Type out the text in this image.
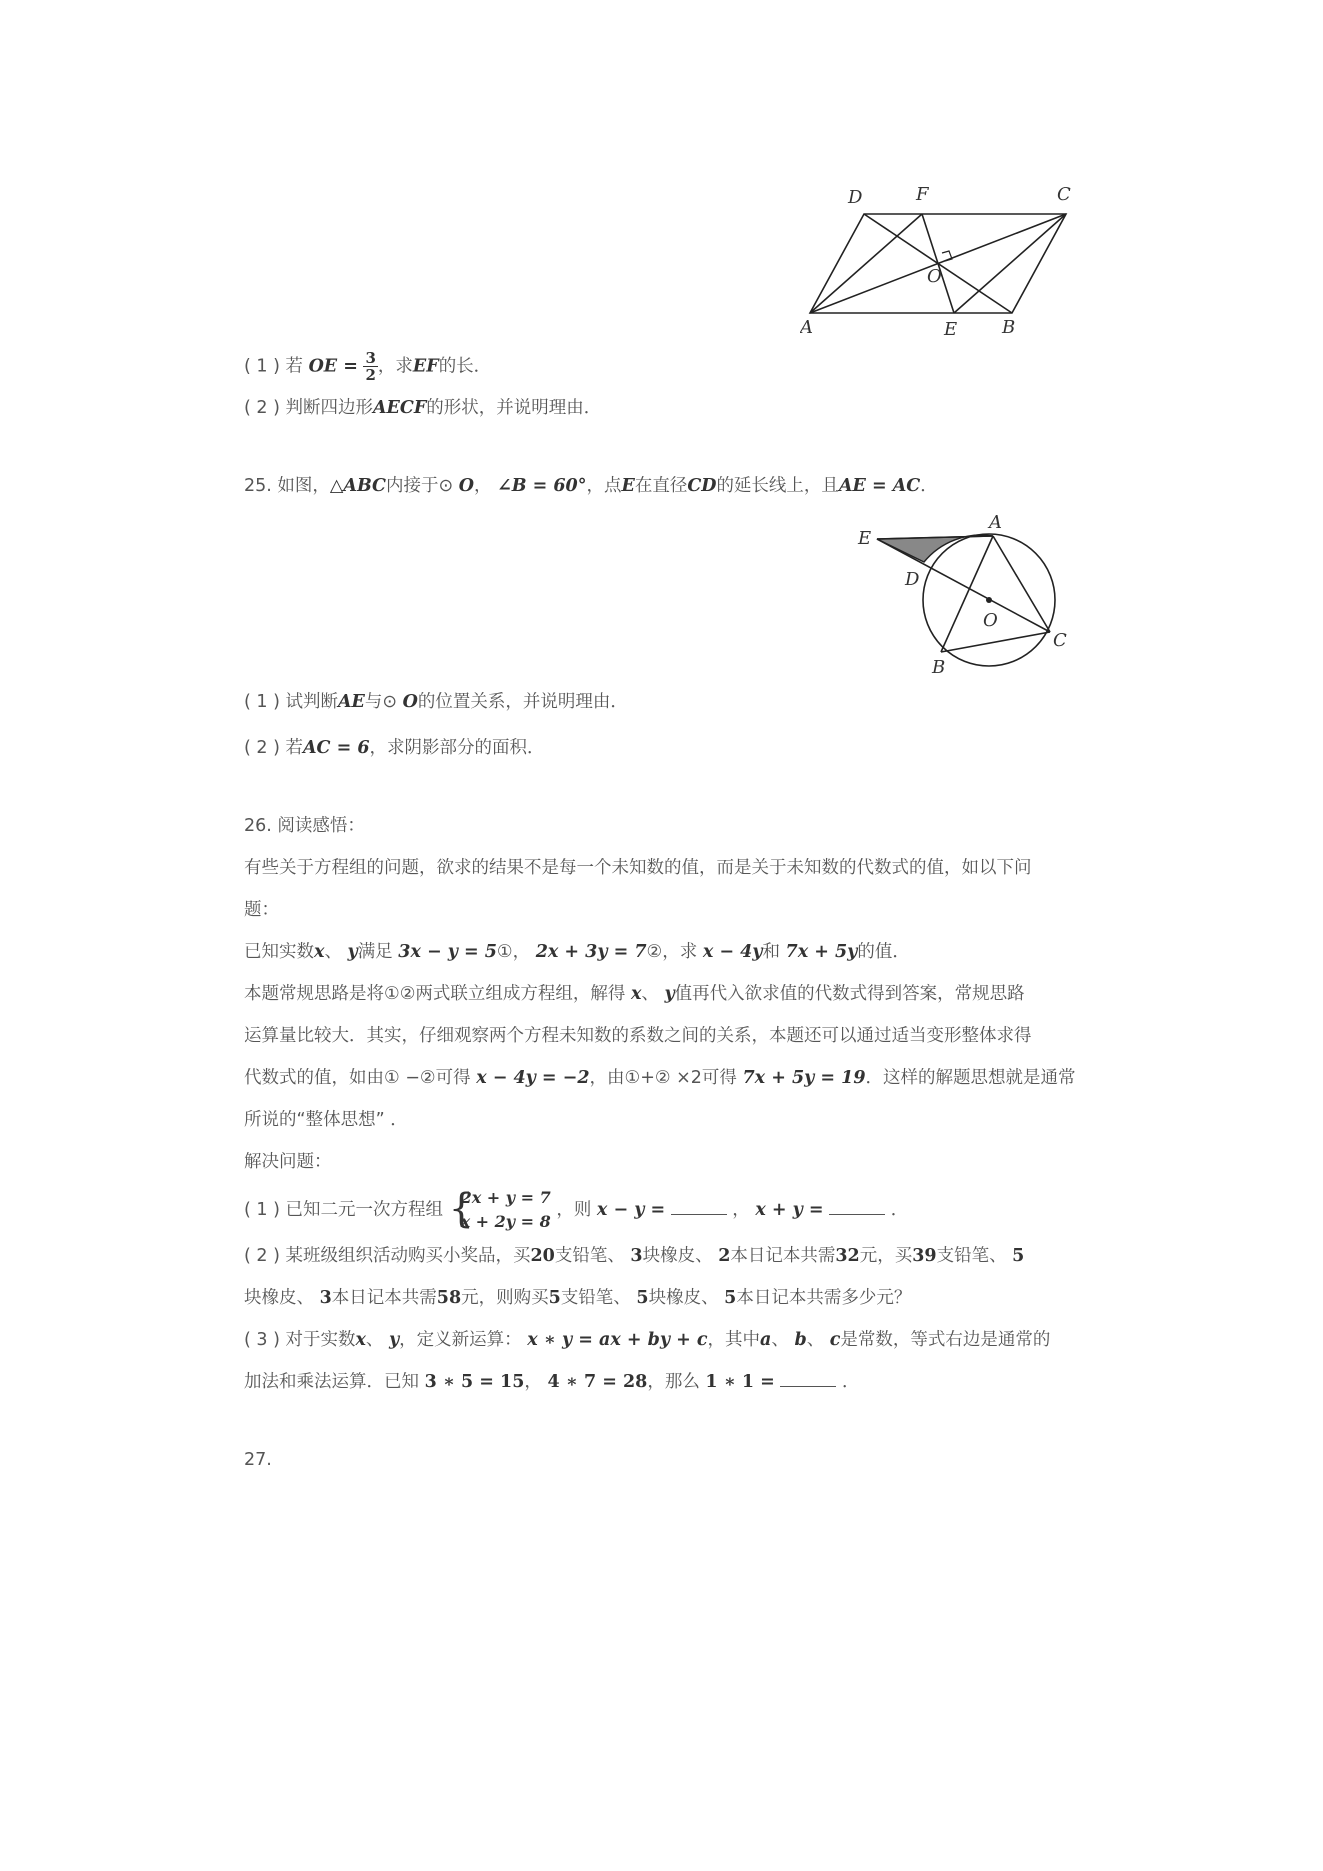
D	F	C
O
A	E B
( 1 ) 若 OE = $\frac{3}{2}$ ，求EF的长．
( 2 ) 判断四边形AECF的形状，并说明理由．
25. 如图，△ABC内接于⊙ O， ∠B = 60°，点E在直径CD的延长线上，且AE = AC．
E
A
D
O
C
B
( 1 ) 试判断AE与⊙ O的位置关系，并说明理由．
( 2 ) 若AC = 6，求阴影部分的面积．
26. 阅读感悟：
有些关于方程组的问题，欲求的结果不是每一个未知数的值，而是关于未知数的代数式的值，如以下问
题：
已知实数x、 y满足 3x − y = 5①， 2x + 3y = 7②，求 x − 4y和 7x + 5y的值．
本题常规思路是将①②两式联立组成方程组，解得 x、 y值再代入欲求值的代数式得到答案，常规思路
运算量比较大．其实，仔细观察两个方程未知数的系数之间的关系，本题还可以通过适当变形整体求得
代数式的值，如由① −②可得 x − 4y = −2，由①+② ×2可得 7x + 5y = 19．这样的解题思想就是通常
所说的“整体思想” ．
解决问题：
( 1 ) 已知二元一次方程组 {
2x + y = 7
x + 2y = 8
，则 x − y =	， x + y =	．
( 2 ) 某班级组织活动购买小奖品，买20支铅笔、 3块橡皮、 2本日记本共需32元，买39支铅笔、 5
块橡皮、 3本日记本共需58元，则购买5支铅笔、 5块橡皮、 5本日记本共需多少元？
( 3 ) 对于实数x、 y，定义新运算： x ∗ y = ax + by + c，其中a、 b、 c是常数，等式右边是通常的
加法和乘法运算．已知 3 ∗ 5 = 15， 4 ∗ 7 = 28，那么 1 ∗ 1 =	．
27.
